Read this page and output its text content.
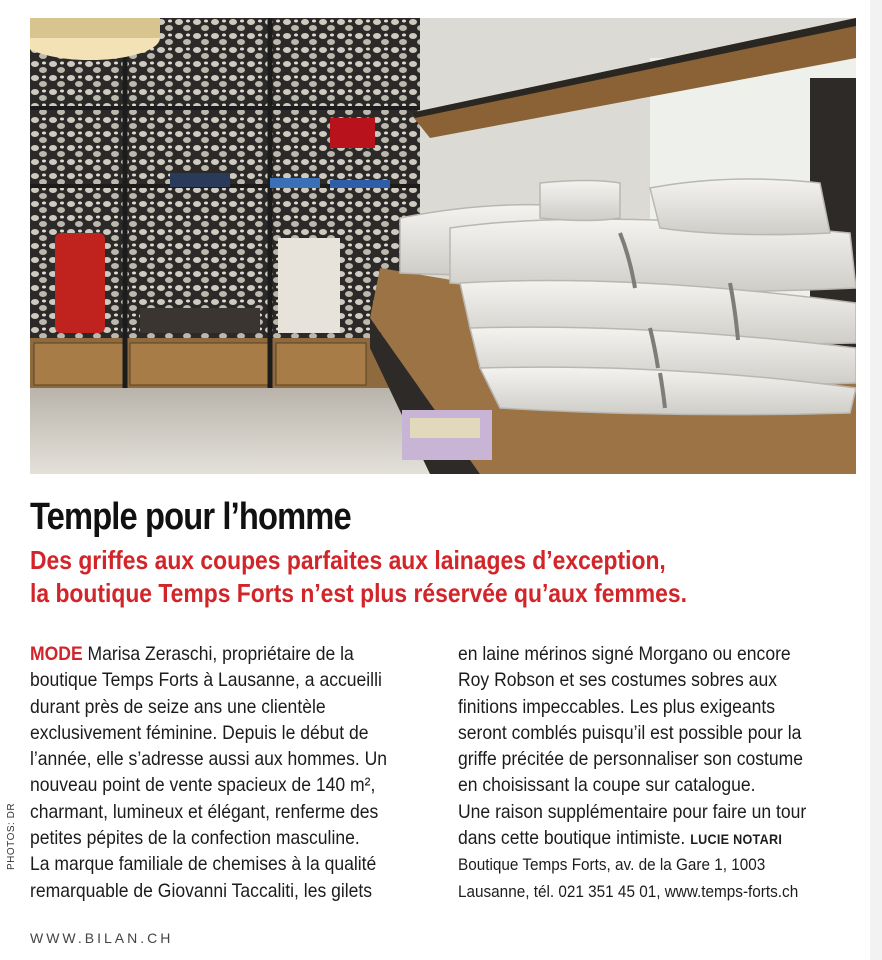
Temple pour l’homme
Des griffes aux coupes parfaites aux lainages d’exception,
la boutique Temps Forts n’est plus réservée qu’aux femmes.
MODE Marisa Zeraschi, propriétaire de la
boutique Temps Forts à Lausanne, a accueilli
durant près de seize ans une clientèle
exclusivement féminine. Depuis le début de
l’année, elle s’adresse aussi aux hommes. Un
nouveau point de vente spacieux de 140 m²,
charmant, lumineux et élégant, renferme des
petites pépites de la confection masculine.
La marque familiale de chemises à la qualité
remarquable de Giovanni Taccaliti, les gilets
en laine mérinos signé Morgano ou encore
Roy Robson et ses costumes sobres aux
finitions impeccables. Les plus exigeants
seront comblés puisqu’il est possible pour la
griffe précitée de personnaliser son costume
en choisissant la coupe sur catalogue.
Une raison supplémentaire pour faire un tour
dans cette boutique intimiste. LUCIE NOTARI
Boutique Temps Forts, av. de la Gare 1, 1003
Lausanne, tél. 021 351 45 01, www.temps-forts.ch
PHOTOS: DR
WWW.BILAN.CH
